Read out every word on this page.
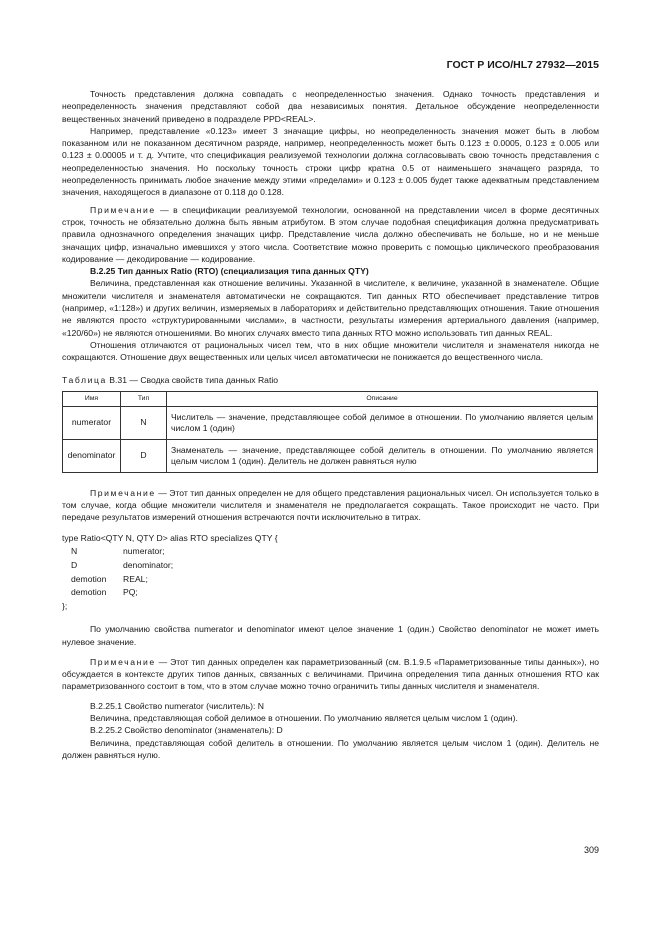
ГОСТ Р ИСО/HL7 27932—2015

Точность представления должна совпадать с неопределенностью значения. Однако точность представления и неопределенность значения представляют собой два независимых понятия. Детальное обсуждение неопределенности вещественных значений приведено в подразделе PPD<REAL>.

Например, представление «0.123» имеет 3 значащие цифры, но неопределенность значения может быть в любом показанном или не показанном десятичном разряде, например, неопределенность может быть 0.123 ± 0.0005, 0.123 ± 0.005 или 0.123 ± 0.00005 и т. д. Учтите, что спецификация реализуемой технологии должна согласовывать свою точность представления с неопределенностью значения. Но поскольку точность строки цифр кратна 0.5 от наименьшего значащего разряда, то неопределенность принимать любое значение между этими «пределами» и 0.123 ± 0.005 будет также адекватным представлением значения, находящегося в диапазоне от 0.118 до 0.128.

Примечание — в спецификации реализуемой технологии, основанной на представлении чисел в форме десятичных строк, точность не обязательно должна быть явным атрибутом. В этом случае подобная спецификация должна предусматривать правила однозначного определения значащих цифр. Представление числа должно обеспечивать не больше, но и не меньше значащих цифр, изначально имевшихся у этого числа. Соответствие можно проверить с помощью циклического преобразования кодирование — декодирование — кодирование.

B.2.25 Тип данных Ratio (RTO) (специализация типа данных QTY)

Величина, представленная как отношение величины. Указанной в числителе, к величине, указанной в знаменателе. Общие множители числителя и знаменателя автоматически не сокращаются. Тип данных RTO обеспечивает представление титров (например, «1:128») и других величин, измеряемых в лабораториях и действительно представляющих отношения. Такие отношения не являются просто «структурированными числами», в частности, результаты измерения артериального давления (например, «120/60») не являются отношениями. Во многих случаях вместо типа данных RTO можно использовать тип данных REAL.

Отношения отличаются от рациональных чисел тем, что в них общие множители числителя и знаменателя никогда не сокращаются. Отношение двух вещественных или целых чисел автоматически не понижается до вещественного числа.

Таблица B.31 — Сводка свойств типа данных Ratio

Имя	Тип	Описание
numerator	N	Числитель — значение, представляющее собой делимое в отношении. По умолчанию является целым числом 1 (один)
denominator	D	Знаменатель — значение, представляющее собой делитель в отношении. По умолчанию является целым числом 1 (один). Делитель не должен равняться нулю

Примечание — Этот тип данных определен не для общего представления рациональных чисел. Он используется только в том случае, когда общие множители числителя и знаменателя не предполагается сокращать. Такое происходит не часто. При передаче результатов измерений отношения встречаются почти исключительно в титрах.

type Ratio<QTY N, QTY D> alias RTO specializes QTY {
N	numerator;
D	denominator;
demotion REAL;
demotion PQ;
};

По умолчанию свойства numerator и denominator имеют целое значение 1 (один.) Свойство denominator не может иметь нулевое значение.

Примечание — Этот тип данных определен как параметризованный (см. B.1.9.5 «Параметризованные типы данных»), но обсуждается в контексте других типов данных, связанных с величинами. Причина определения типа данных отношения RTO как параметризованного состоит в том, что в этом случае можно точно ограничить типы данных числителя и знаменателя.

B.2.25.1 Свойство numerator (числитель): N

Величина, представляющая собой делимое в отношении. По умолчанию является целым числом 1 (один).

B.2.25.2 Свойство denominator (знаменатель): D

Величина, представляющая собой делитель в отношении. По умолчанию является целым числом 1 (один). Делитель не должен равняться нулю.

309
